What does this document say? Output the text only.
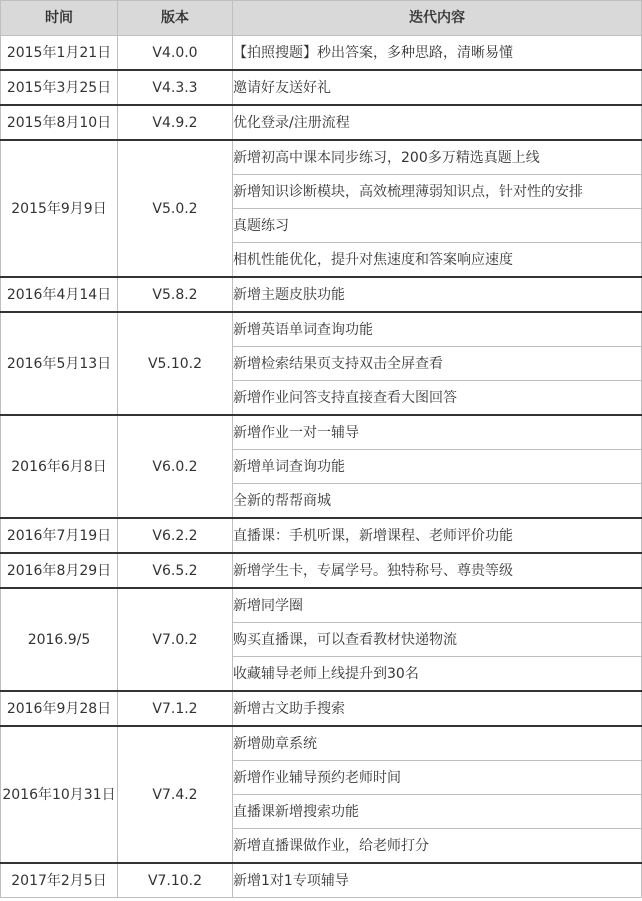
时间	版本	迭代内容
2015年1月21日	V4.0.0	【拍照搜题】秒出答案，多种思路，清晰易懂
2015年3月25日	V4.3.3	邀请好友送好礼
2015年8月10日	V4.9.2	优化登录/注册流程
2015年9月9日	V5.0.2	新增初高中课本同步练习，200多万精选真题上线
		新增知识诊断模块，高效梳理薄弱知识点，针对性的安排
		真题练习
		相机性能优化，提升对焦速度和答案响应速度
2016年4月14日	V5.8.2	新增主题皮肤功能
2016年5月13日	V5.10.2	新增英语单词查询功能
		新增检索结果页支持双击全屏查看
		新增作业问答支持直接查看大图回答
2016年6月8日	V6.0.2	新增作业一对一辅导
		新增单词查询功能
		全新的帮帮商城
2016年7月19日	V6.2.2	直播课：手机听课，新增课程、老师评价功能
2016年8月29日	V6.5.2	新增学生卡，专属学号。独特称号、尊贵等级
2016.9/5	V7.0.2	新增同学圈
		购买直播课，可以查看教材快递物流
		收藏辅导老师上线提升到30名
2016年9月28日	V7.1.2	新增古文助手搜索
2016年10月31日	V7.4.2	新增勋章系统
		新增作业辅导预约老师时间
		直播课新增搜索功能
		新增直播课做作业，给老师打分
2017年2月5日	V7.10.2	新增1对1专项辅导
